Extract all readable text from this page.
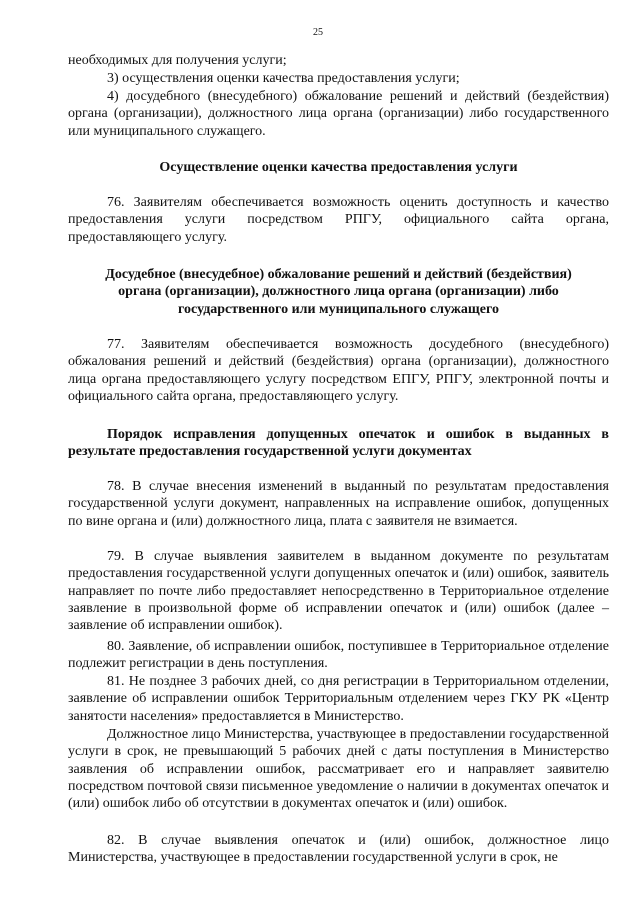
25

необходимых для получения услуги;

3) осуществления оценки качества предоставления услуги;

4) досудебного (внесудебного) обжалование решений и действий (бездействия) органа (организации), должностного лица органа (организации) либо государственного или муниципального служащего.

Осуществление оценки качества предоставления услуги

76. Заявителям обеспечивается возможность оценить доступность и качество предоставления услуги посредством РПГУ, официального сайта органа, предоставляющего услугу.

Досудебное (внесудебное) обжалование решений и действий (бездействия) органа (организации), должностного лица органа (организации) либо государственного или муниципального служащего

77. Заявителям обеспечивается возможность досудебного (внесудебного) обжалования решений и действий (бездействия) органа (организации), должностного лица органа предоставляющего услугу посредством ЕПГУ, РПГУ, электронной почты и официального сайта органа, предоставляющего услугу.

Порядок исправления допущенных опечаток и ошибок в выданных в результате предоставления государственной услуги документах

78. В случае внесения изменений в выданный по результатам предоставления государственной услуги документ, направленных на исправление ошибок, допущенных по вине органа и (или) должностного лица, плата с заявителя не взимается.

79. В случае выявления заявителем в выданном документе по результатам предоставления государственной услуги допущенных опечаток и (или) ошибок, заявитель направляет по почте либо предоставляет непосредственно в Территориальное отделение заявление в произвольной форме об исправлении опечаток и (или) ошибок (далее – заявление об исправлении ошибок).

80. Заявление, об исправлении ошибок, поступившее в Территориальное отделение подлежит регистрации в день поступления.

81. Не позднее 3 рабочих дней, со дня регистрации в Территориальном отделении, заявление об исправлении ошибок Территориальным отделением через ГКУ РК «Центр занятости населения» предоставляется в Министерство.

Должностное лицо Министерства, участвующее в предоставлении государственной услуги в срок, не превышающий 5 рабочих дней с даты поступления в Министерство заявления об исправлении ошибок, рассматривает его и направляет заявителю посредством почтовой связи письменное уведомление о наличии в документах опечаток и (или) ошибок либо об отсутствии в документах опечаток и (или) ошибок.

82. В случае выявления опечаток и (или) ошибок, должностное лицо Министерства, участвующее в предоставлении государственной услуги в срок, не
